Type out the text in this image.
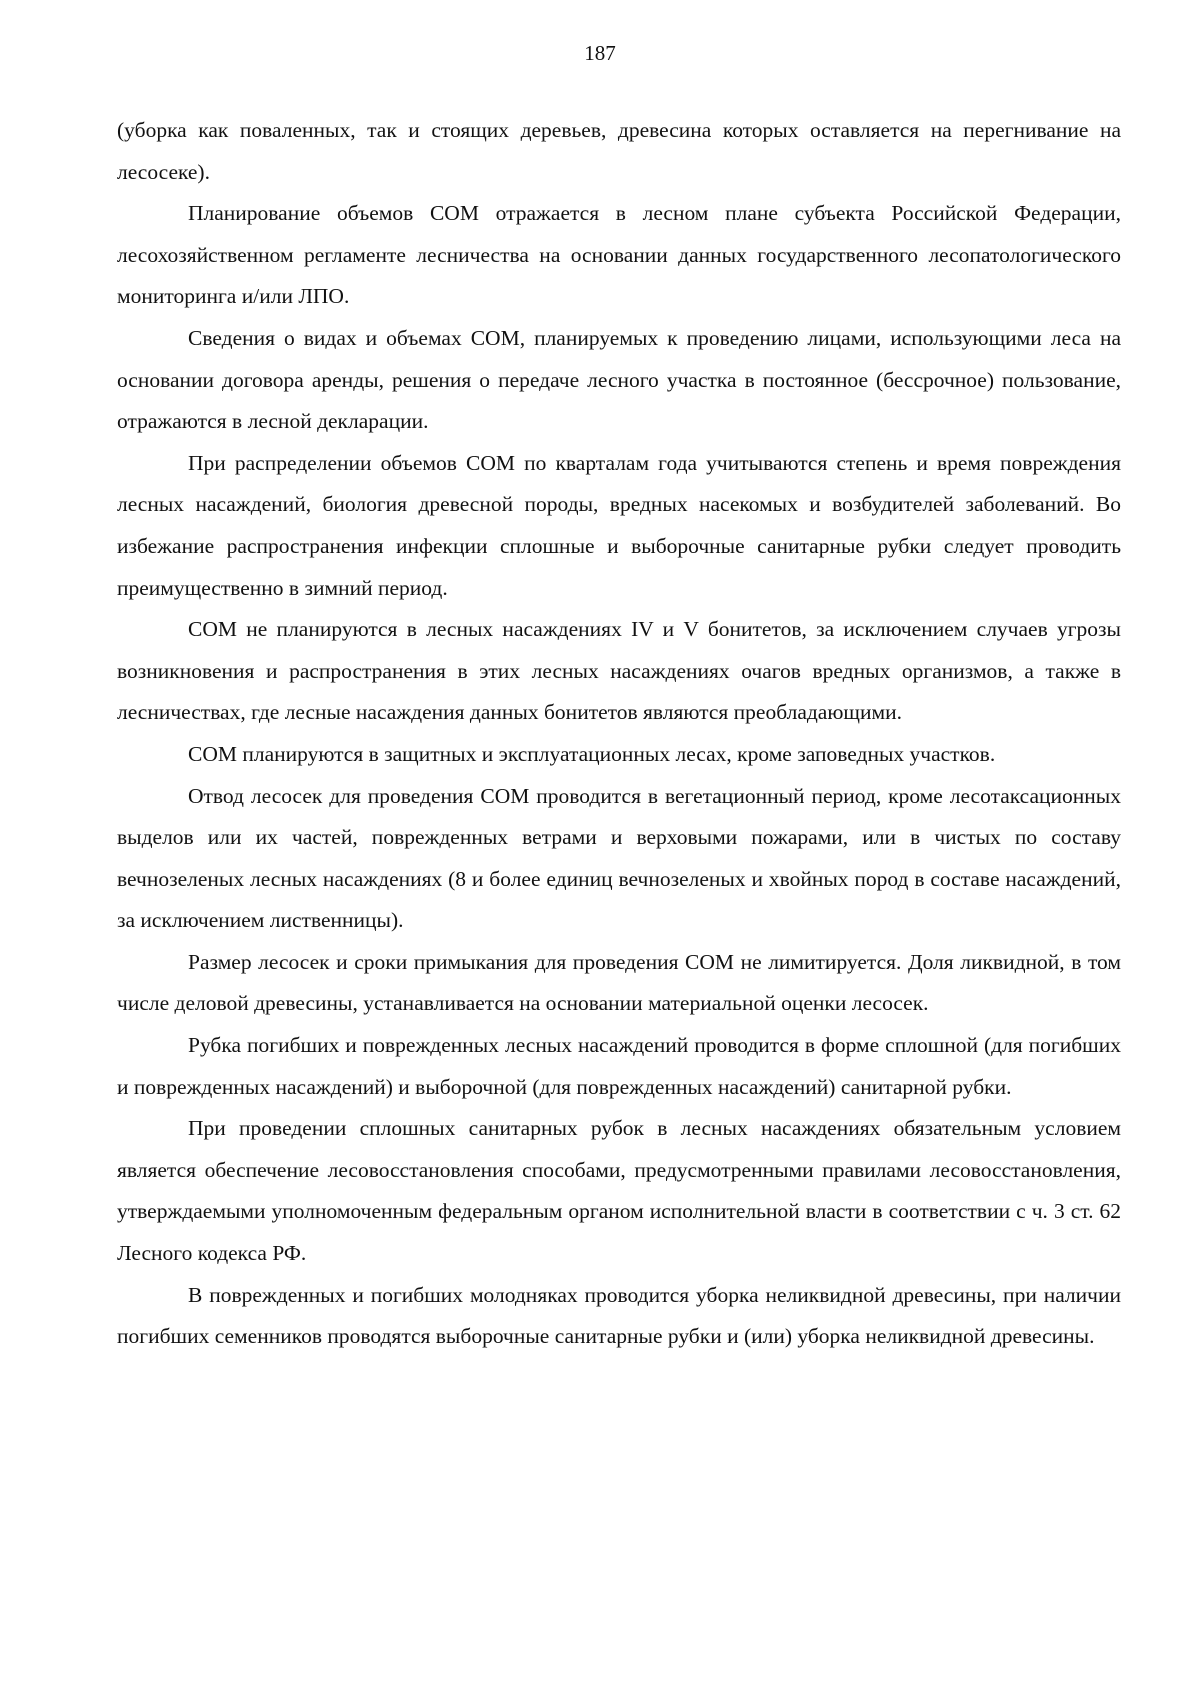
187

(уборка как поваленных, так и стоящих деревьев, древесина которых оставляется на перегнивание на лесосеке).

Планирование объемов СОМ отражается в лесном плане субъекта Российской Федерации, лесохозяйственном регламенте лесничества на основании данных государственного лесопатологического мониторинга и/или ЛПО.

Сведения о видах и объемах СОМ, планируемых к проведению лицами, использующими леса на основании договора аренды, решения о передаче лесного участка в постоянное (бессрочное) пользование, отражаются в лесной декларации.

При распределении объемов СОМ по кварталам года учитываются степень и время повреждения лесных насаждений, биология древесной породы, вредных насекомых и возбудителей заболеваний. Во избежание распространения инфекции сплошные и выборочные санитарные рубки следует проводить преимущественно в зимний период.

СОМ не планируются в лесных насаждениях IV и V бонитетов, за исключением случаев угрозы возникновения и распространения в этих лесных насаждениях очагов вредных организмов, а также в лесничествах, где лесные насаждения данных бонитетов являются преобладающими.

СОМ планируются в защитных и эксплуатационных лесах, кроме заповедных участков.

Отвод лесосек для проведения СОМ проводится в вегетационный период, кроме лесотаксационных выделов или их частей, поврежденных ветрами и верховыми пожарами, или в чистых по составу вечнозеленых лесных насаждениях (8 и более единиц вечнозеленых и хвойных пород в составе насаждений, за исключением лиственницы).

Размер лесосек и сроки примыкания для проведения СОМ не лимитируется. Доля ликвидной, в том числе деловой древесины, устанавливается на основании материальной оценки лесосек.

Рубка погибших и поврежденных лесных насаждений проводится в форме сплошной (для погибших и поврежденных насаждений) и выборочной (для поврежденных насаждений) санитарной рубки.

При проведении сплошных санитарных рубок в лесных насаждениях обязательным условием является обеспечение лесовосстановления способами, предусмотренными правилами лесовосстановления, утверждаемыми уполномоченным федеральным органом исполнительной власти в соответствии с ч. 3 ст. 62 Лесного кодекса РФ.

В поврежденных и погибших молодняках проводится уборка неликвидной древесины, при наличии погибших семенников проводятся выборочные санитарные рубки и (или) уборка неликвидной древесины.
